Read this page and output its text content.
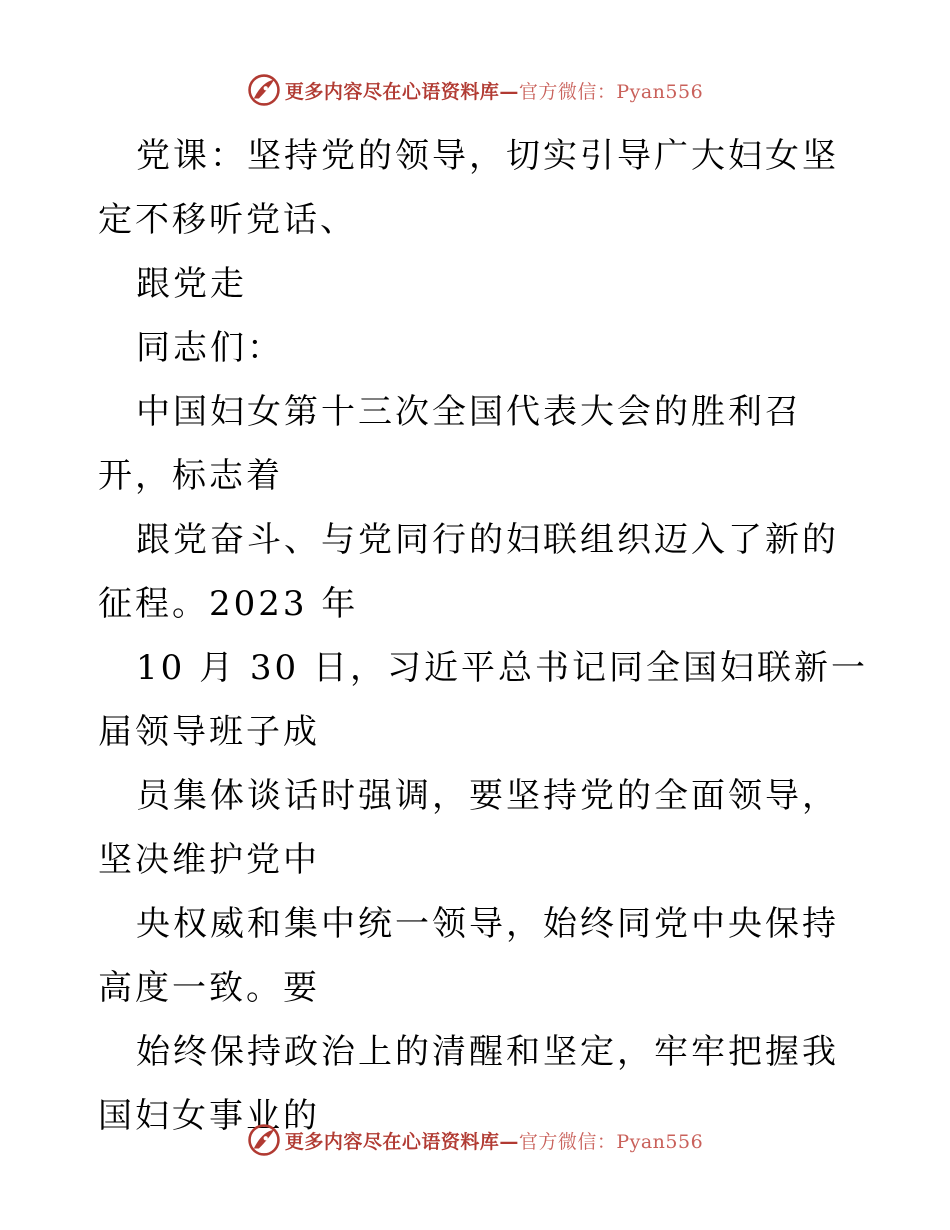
更多内容尽在心语资料库—官方微信：Pyan556

党课：坚持党的领导，切实引导广大妇女坚定不移听党话、

跟党走

同志们：

中国妇女第十三次全国代表大会的胜利召开，标志着

跟党奋斗、与党同行的妇联组织迈入了新的征程。2023 年

10 月 30 日，习近平总书记同全国妇联新一届领导班子成

员集体谈话时强调，要坚持党的全面领导，坚决维护党中

央权威和集中统一领导，始终同党中央保持高度一致。要

始终保持政治上的清醒和坚定，牢牢把握我国妇女事业的

更多内容尽在心语资料库—官方微信：Pyan556
